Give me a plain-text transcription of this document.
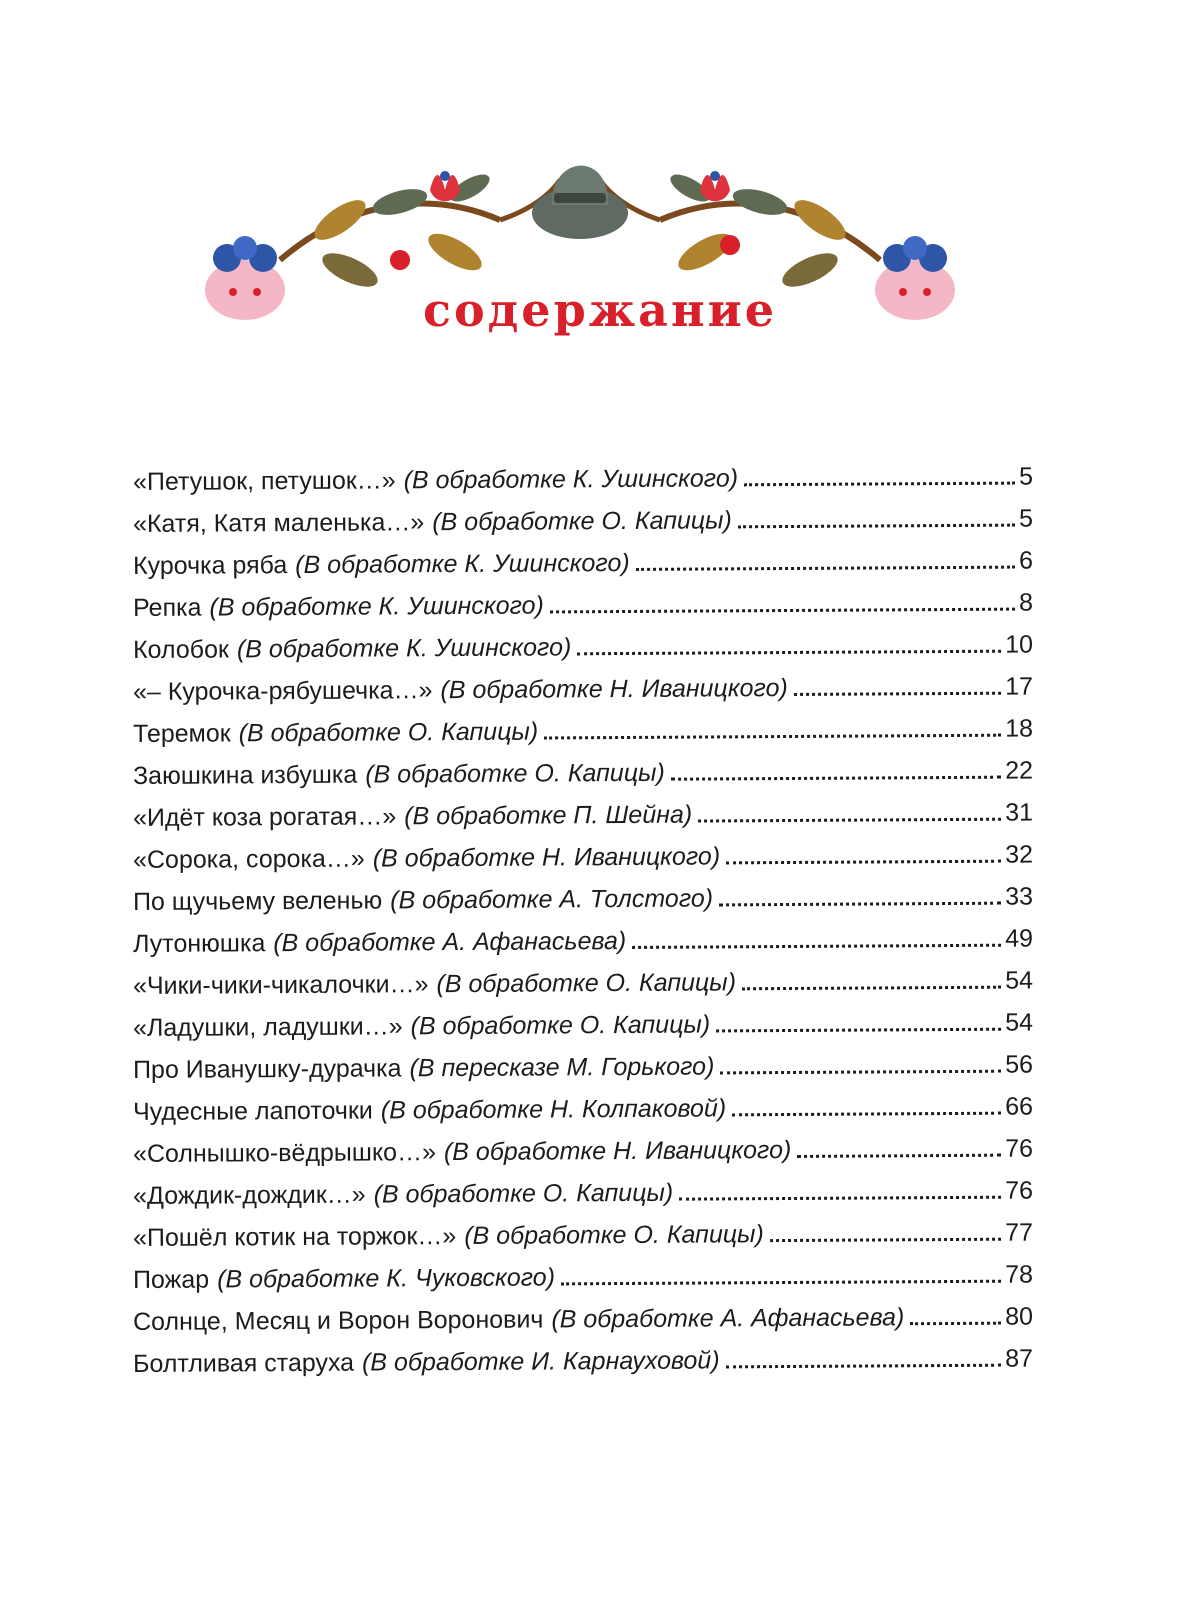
содержание
«Петушок, петушок…» (В обработке К. Ушинского)	5
«Катя, Катя маленька…» (В обработке О. Капицы)	5
Курочка ряба (В обработке К. Ушинского)	6
Репка (В обработке К. Ушинского)	8
Колобок (В обработке К. Ушинского)	10
«– Курочка-рябушечка…» (В обработке Н. Иваницкого)	17
Теремок (В обработке О. Капицы)	18
Заюшкина избушка (В обработке О. Капицы)	22
«Идёт коза рогатая…» (В обработке П. Шейна)	31
«Сорока, сорока…» (В обработке Н. Иваницкого)	32
По щучьему веленью (В обработке А. Толстого)	33
Лутонюшка (В обработке А. Афанасьева)	49
«Чики-чики-чикалочки…» (В обработке О. Капицы)	54
«Ладушки, ладушки…» (В обработке О. Капицы)	54
Про Иванушку-дурачка (В пересказе М. Горького)	56
Чудесные лапоточки (В обработке Н. Колпаковой)	66
«Солнышко-вёдрышко…» (В обработке Н. Иваницкого)	76
«Дождик-дождик…» (В обработке О. Капицы)	76
«Пошёл котик на торжок…» (В обработке О. Капицы)	77
Пожар (В обработке К. Чуковского)	78
Солнце, Месяц и Ворон Воронович (В обработке А. Афанасьева)	80
Болтливая старуха (В обработке И. Карнауховой)	87
